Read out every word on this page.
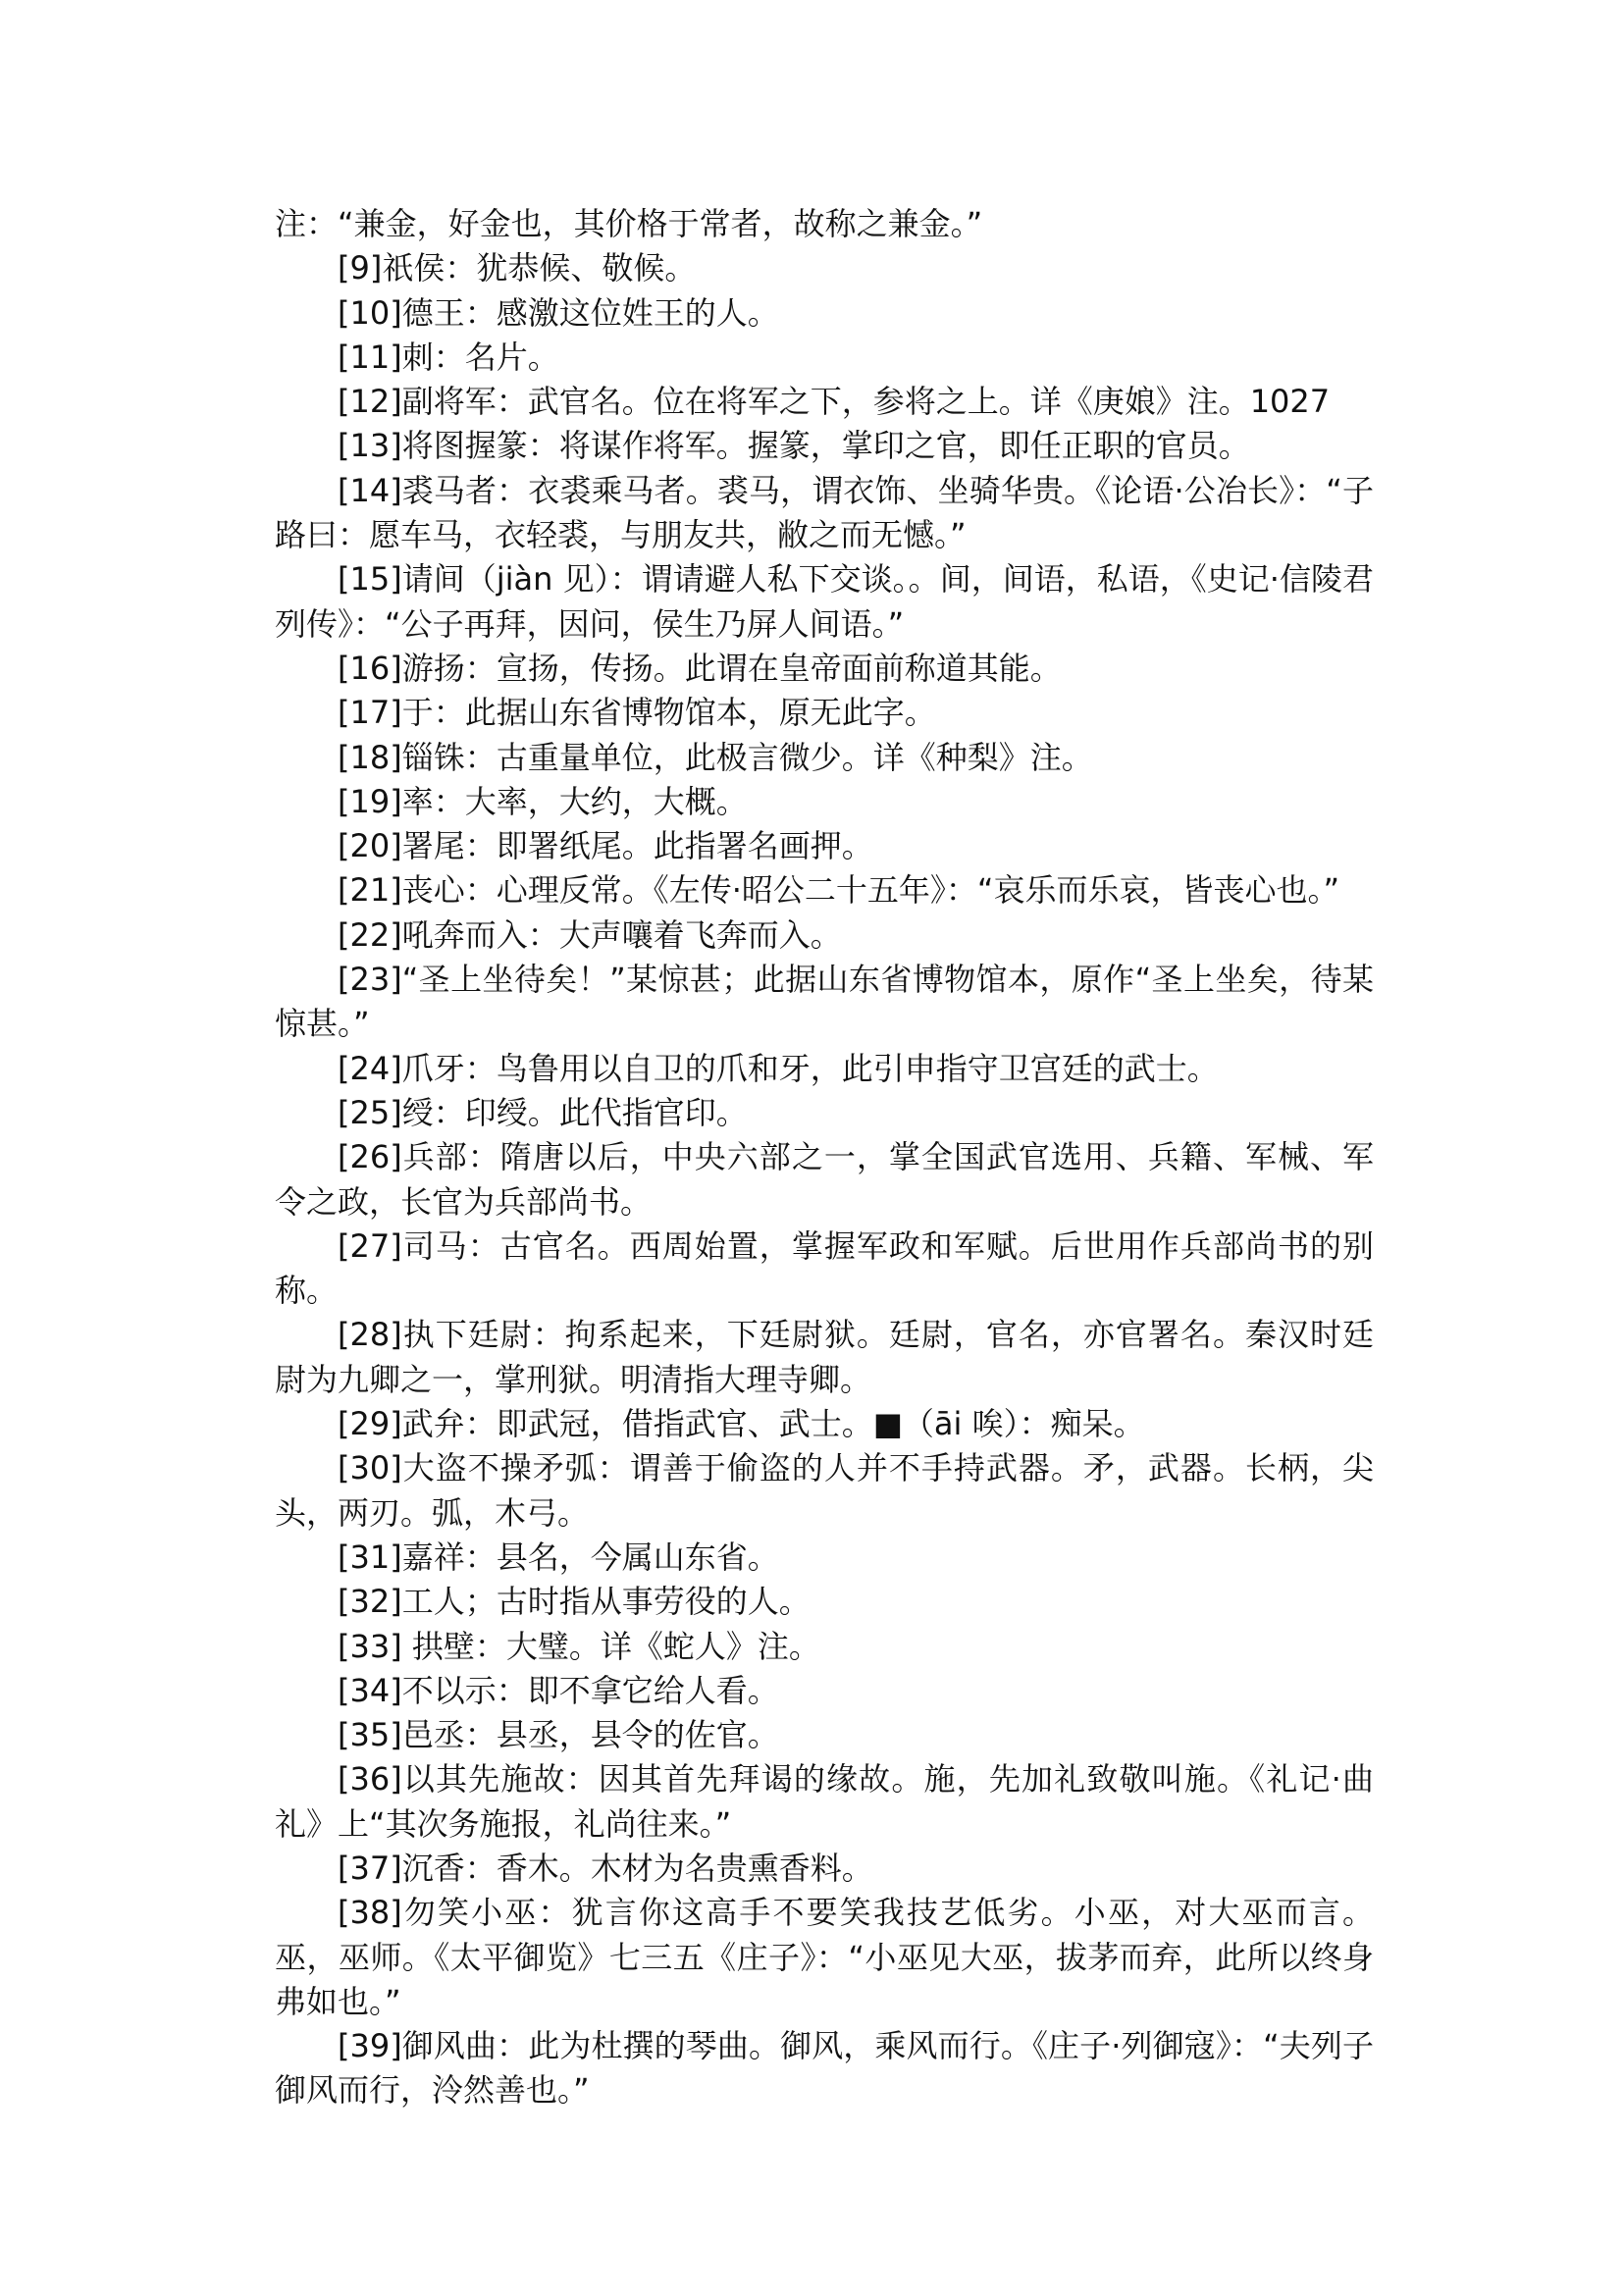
注：“兼金，好金也，其价格于常者，故称之兼金。”

[9]祇侯：犹恭候、敬候。

[10]德王：感激这位姓王的人。

[11]刺：名片。

[12]副将军：武官名。位在将军之下，参将之上。详《庚娘》注。1027

[13]将图握篆：将谋作将军。握篆，掌印之官，即任正职的官员。

[14]裘马者：衣裘乘马者。裘马，谓衣饰、坐骑华贵。《论语·公冶长》：“子路曰：愿车马，衣轻裘，与朋友共，敝之而无憾。”

[15]请间（jiàn 见）：谓请避人私下交谈。。间，间语，私语，《史记·信陵君列传》：“公子再拜，因问，侯生乃屏人间语。”

[16]游扬：宣扬，传扬。此谓在皇帝面前称道其能。

[17]于：此据山东省博物馆本，原无此字。

[18]锱铢：古重量单位，此极言微少。详《种梨》注。

[19]率：大率，大约，大概。

[20]署尾：即署纸尾。此指署名画押。

[21]丧心：心理反常。《左传·昭公二十五年》：“哀乐而乐哀，皆丧心也。”

[22]吼奔而入：大声嚷着飞奔而入。

[23]“圣上坐待矣！”某惊甚；此据山东省博物馆本，原作“圣上坐矣，待某惊甚。”

[24]爪牙：鸟鲁用以自卫的爪和牙，此引申指守卫宫廷的武士。

[25]绶：印绶。此代指官印。

[26]兵部：隋唐以后，中央六部之一，掌全国武官选用、兵籍、军械、军令之政，长官为兵部尚书。

[27]司马：古官名。西周始置，掌握军政和军赋。后世用作兵部尚书的别称。

[28]执下廷尉：拘系起来，下廷尉狱。廷尉，官名，亦官署名。秦汉时廷尉为九卿之一，掌刑狱。明清指大理寺卿。

[29]武弁：即武冠，借指武官、武士。■（āi 唉）：痴呆。

[30]大盗不操矛弧：谓善于偷盗的人并不手持武器。矛，武器。长柄，尖头，两刃。弧，木弓。

[31]嘉祥：县名，今属山东省。

[32]工人；古时指从事劳役的人。

[33] 拱壁：大璧。详《蛇人》注。

[34]不以示：即不拿它给人看。

[35]邑丞：县丞，县令的佐官。

[36]以其先施故：因其首先拜谒的缘故。施，先加礼致敬叫施。《礼记·曲礼》上“其次务施报，礼尚往来。”

[37]沉香：香木。木材为名贵熏香料。

[38]勿笑小巫：犹言你这高手不要笑我技艺低劣。小巫，对大巫而言。巫，巫师。《太平御览》七三五《庄子》：“小巫见大巫，拔茅而弃，此所以终身弗如也。”

[39]御风曲：此为杜撰的琴曲。御风，乘风而行。《庄子·列御寇》：“夫列子御风而行，泠然善也。”
